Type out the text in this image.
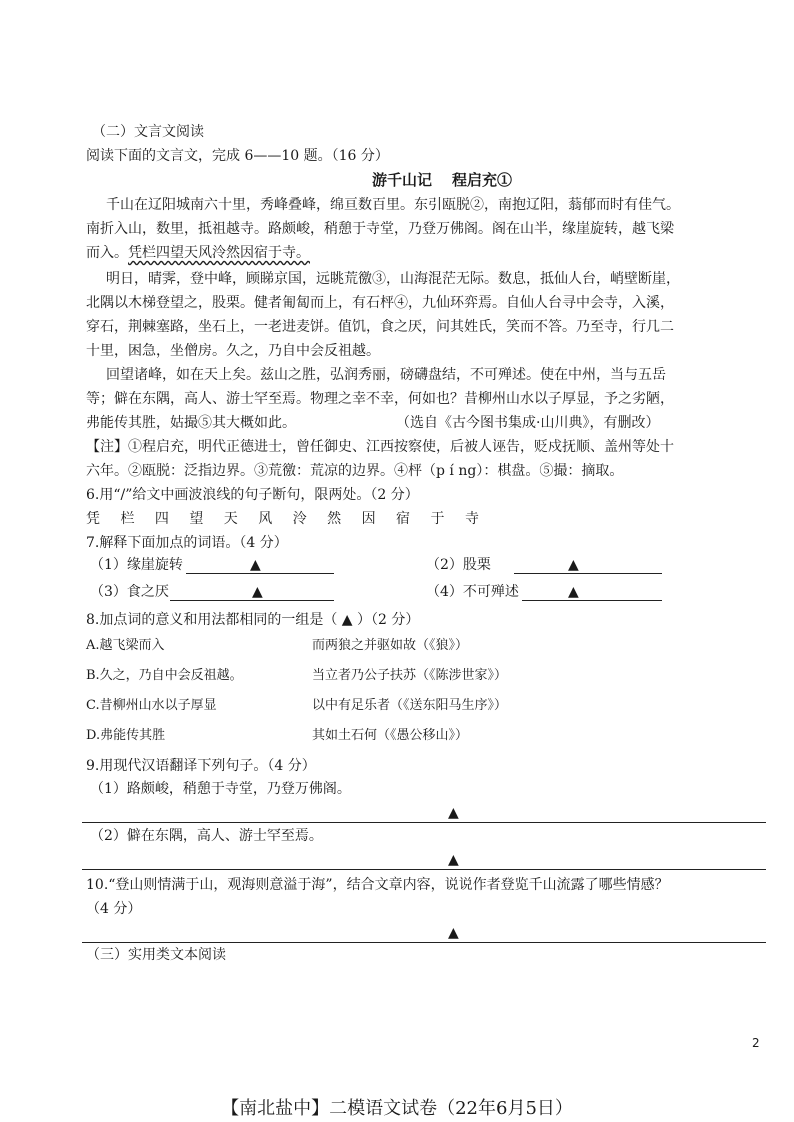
（二）文言文阅读
阅读下面的文言文，完成 6——10 题。（16 分）
游千山记 程启充①
千山在辽阳城南六十里，秀峰叠峰，绵亘数百里。东引瓯脱②，南抱辽阳，蓊郁而时有佳气。
南折入山，数里，抵祖越寺。路颇峻，稍憩于寺堂，乃登万佛阁。阁在山半，缘崖旋转，越飞梁
而入。凭栏四望天风泠然因宿于寺。
明日，晴霁，登中峰，顾睇京国，远眺荒徼③，山海混茫无际。数息，抵仙人台，峭壁断崖，
北隅以木梯登望之，股栗。健者匍匐而上，有石枰④，九仙环弈焉。自仙人台寻中会寺，入溪，
穿石，荆棘塞路，坐石上，一老进麦饼。值饥，食之厌，问其姓氏，笑而不答。乃至寺，行几二
十里，困急，坐僧房。久之，乃自中会反祖越。
回望诸峰，如在天上矣。兹山之胜，弘润秀丽，磅礴盘结，不可殚述。使在中州，当与五岳
等；僻在东隅，高人、游士罕至焉。物理之幸不幸，何如也？昔柳州山水以子厚显，予之劣陋，
弗能传其胜，姑撮⑤其大概如此。	（选自《古今图书集成·山川典》，有删改）
【注】①程启充，明代正德进士，曾任御史、江西按察使，后被人诬告，贬戍抚顺、盖州等处十
六年。②瓯脱：泛指边界。③荒徼：荒凉的边界。④枰（p í ng）：棋盘。⑤撮：摘取。
6.用“/”给文中画波浪线的句子断句，限两处。（2 分）
凭 栏 四 望 天 风 泠 然 因 宿 于 寺
7.解释下面加点的词语。（4 分）
（1）缘崖旋转	▲	（2）股栗	▲
（3）食之厌	▲	（4）不可殚述	▲
8.加点词的意义和用法都相同的一组是（ ▲ ）（2 分）
A.越飞梁而入	而两狼之并驱如故（《狼》）
B.久之，乃自中会反祖越。	当立者乃公子扶苏（《陈涉世家》）
C.昔柳州山水以子厚显	以中有足乐者（《送东阳马生序》）
D.弗能传其胜	其如土石何（《愚公移山》）
9.用现代汉语翻译下列句子。（4 分）
（1）路颇峻，稍憩于寺堂，乃登万佛阁。
▲
（2）僻在东隅，高人、游士罕至焉。
▲
10.“登山则情满于山，观海则意溢于海”，结合文章内容，说说作者登览千山流露了哪些情感？
（4 分）
▲
（三）实用类文本阅读
2
【南北盐中】二模语文试卷（22年6月5日）
